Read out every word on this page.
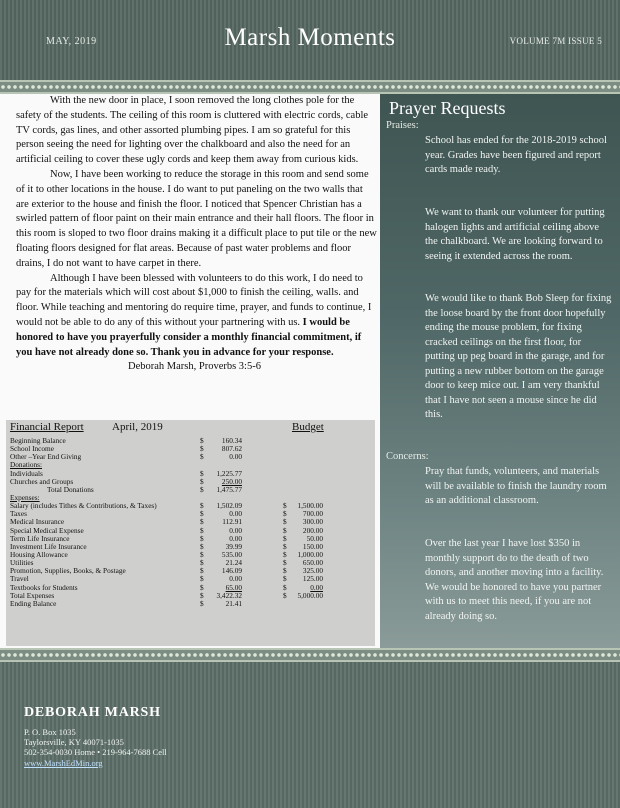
MAY, 2019	Marsh Moments	VOLUME 7M ISSUE 5

With the new door in place, I soon removed the long clothes pole for the safety of the students. The ceiling of this room is cluttered with electric cords, cable TV cords, gas lines, and other assorted plumbing pipes. I am so grateful for this person seeing the need for lighting over the chalkboard and also the need for an artificial ceiling to cover these ugly cords and keep them away from curious kids.

Now, I have been working to reduce the storage in this room and send some of it to other locations in the house. I do want to put paneling on the two walls that are exterior to the house and finish the floor. I noticed that Spencer Christian has a swirled pattern of floor paint on their main entrance and their hall floors. The floor in this room is sloped to two floor drains making it a difficult place to put tile or the new floating floors designed for flat areas. Because of past water problems and floor drains, I do not want to have carpet in there.

Although I have been blessed with volunteers to do this work, I do need to pay for the materials which will cost about $1,000 to finish the ceiling, walls. and floor. While teaching and mentoring do require time, prayer, and funds to continue, I would not be able to do any of this without your partnering with us. I would be honored to have you prayerfully consider a monthly financial commitment, if you have not already done so. Thank you in advance for your response.

Deborah Marsh, Proverbs 3:5-6

Prayer Requests
Praises:

School has ended for the 2018-2019 school year. Grades have been figured and report cards made ready.

We want to thank our volunteer for putting halogen lights and artificial ceiling above the chalkboard. We are looking forward to seeing it extended across the room.

We would like to thank Bob Sleep for fixing the loose board by the front door hopefully ending the mouse problem, for fixing cracked ceilings on the first floor, for putting up peg board in the garage, and for putting a new rubber bottom on the garage door to keep mice out. I am very thankful that I have not seen a mouse since he did this.

Concerns:

Pray that funds, volunteers, and materials will be available to finish the laundry room as an additional classroom.

Over the last year I have lost $350 in monthly support do to the death of two donors, and another moving into a facility. We would be honored to have you partner with us to meet this need, if you are not already doing so.

Financial Report	April, 2019	Budget
Beginning Balance	$	160.34
School Income	$	807.62
Other –Year End Giving	$	0.00
Donations:
Individuals	$	1,225.77
Churches and Groups	$	250.00
Total Donations	$	1,475.77
Expenses:
Salary (includes Tithes & Contributions, & Taxes)	$	1,502.09	$	1,500.00
Taxes	$	0.00	$	700.00
Medical Insurance	$	112.91	$	300.00
Special Medical Expense	$	0.00	$	200.00
Term Life Insurance	$	0.00	$	50.00
Investment Life Insurance	$	39.99	$	150.00
Housing Allowance	$	535.00	$	1,000.00
Utilities	$	21.24	$	650.00
Promotion, Supplies, Books, & Postage	$	146.09	$	325.00
Travel	$	0.00	$	125.00
Textbooks for Students	$	65.00	$	0.00
Total Expenses	$	3,422.32	$	5,000.00
Ending Balance	$	21.41
DEBORAH MARSH
P. O. Box 1035
Taylorsville, KY 40071-1035
502-354-0030 Home • 219-964-7688 Cell
www.MarshEdMin.org
